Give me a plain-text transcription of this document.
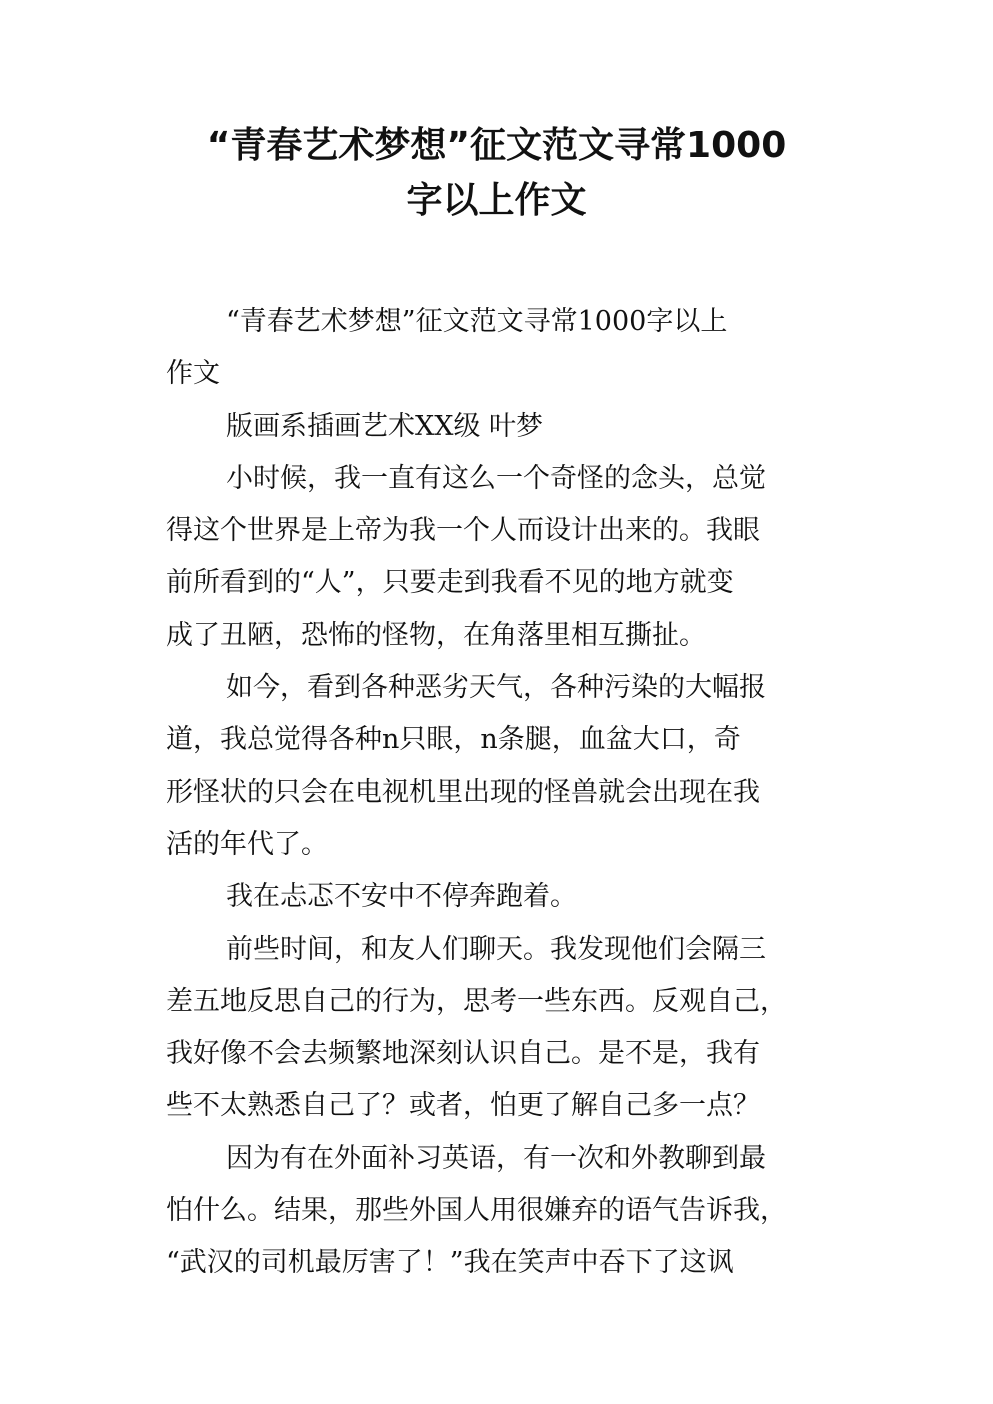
“青春艺术梦想”征文范文寻常1000
字以上作文
“青春艺术梦想”征文范文寻常1000字以上
作文
版画系插画艺术XX级 叶梦
小时候，我一直有这么一个奇怪的念头，总觉
得这个世界是上帝为我一个人而设计出来的。我眼
前所看到的“人”，只要走到我看不见的地方就变
成了丑陋，恐怖的怪物，在角落里相互撕扯。
如今，看到各种恶劣天气，各种污染的大幅报
道，我总觉得各种n只眼，n条腿，血盆大口，奇
形怪状的只会在电视机里出现的怪兽就会出现在我
活的年代了。
我在忐忑不安中不停奔跑着。
前些时间，和友人们聊天。我发现他们会隔三
差五地反思自己的行为，思考一些东西。反观自己，
我好像不会去频繁地深刻认识自己。是不是，我有
些不太熟悉自己了？或者，怕更了解自己多一点？
因为有在外面补习英语，有一次和外教聊到最
怕什么。结果，那些外国人用很嫌弃的语气告诉我，
“武汉的司机最厉害了！”我在笑声中吞下了这讽
